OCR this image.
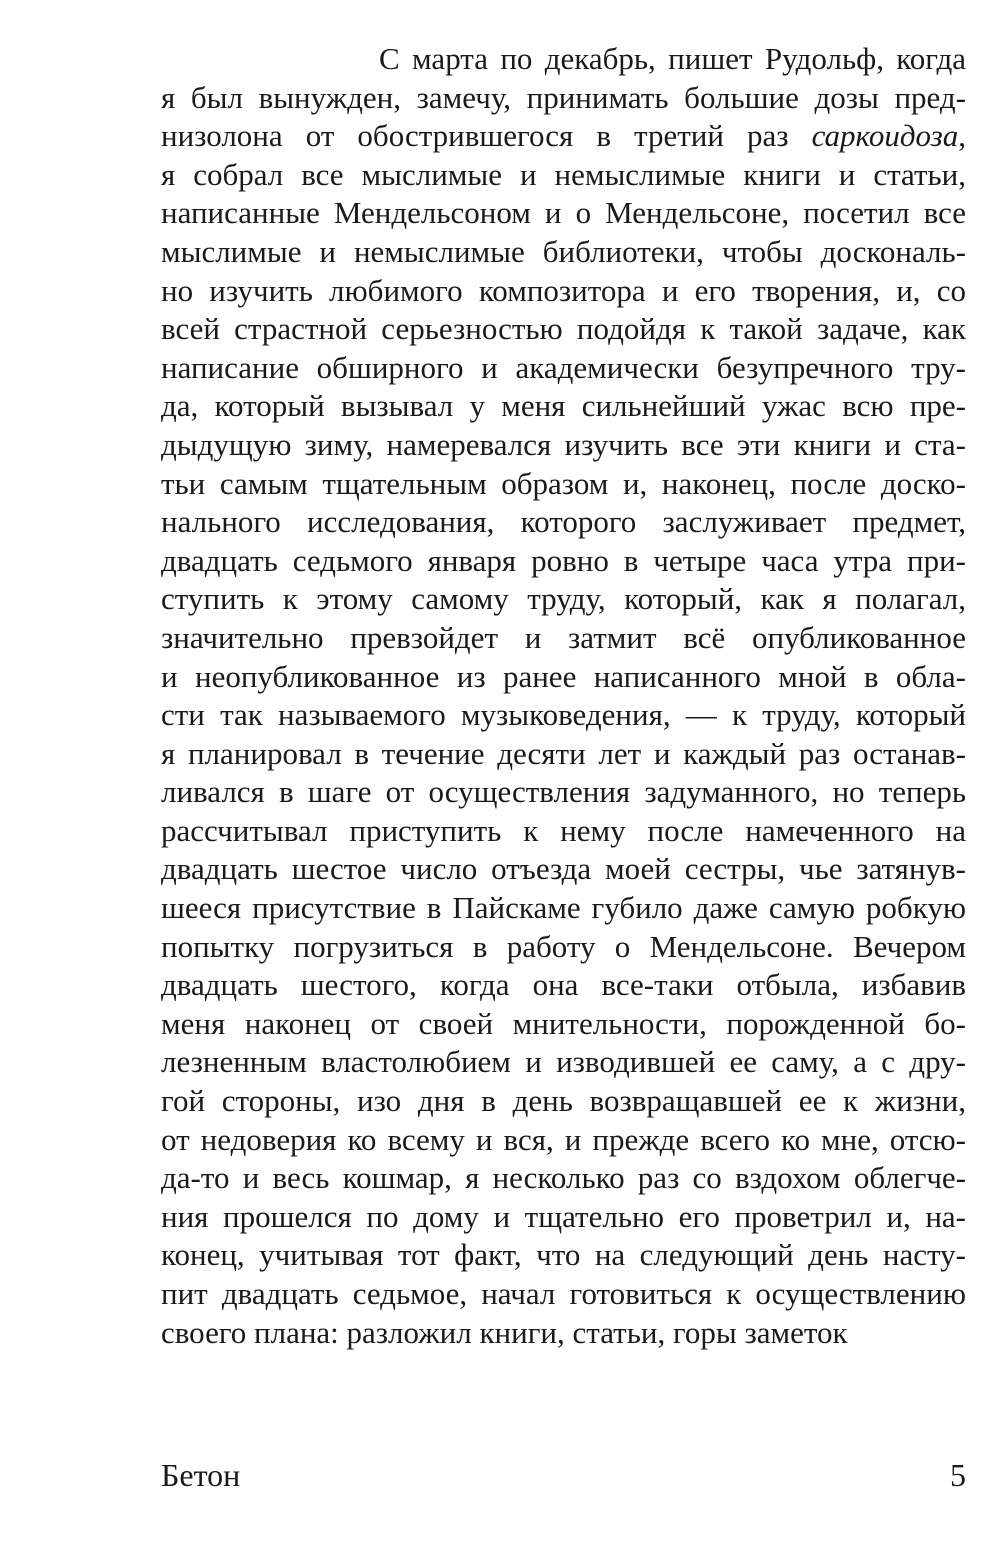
С марта по декабрь, пишет Рудольф, когда
я был вынужден, замечу, принимать большие дозы пред-
низолона от обострившегося в третий раз саркоидоза,
я собрал все мыслимые и немыслимые книги и статьи,
написанные Мендельсоном и о Мендельсоне, посетил все
мыслимые и немыслимые библиотеки, чтобы доскональ-
но изучить любимого композитора и его творения, и, со
всей страстной серьезностью подойдя к такой задаче, как
написание обширного и академически безупречного тру-
да, который вызывал у меня сильнейший ужас всю пре-
дыдущую зиму, намеревался изучить все эти книги и ста-
тьи самым тщательным образом и, наконец, после доско-
нального исследования, которого заслуживает предмет,
двадцать седьмого января ровно в четыре часа утра при-
ступить к этому самому труду, который, как я полагал,
значительно превзойдет и затмит всё опубликованное
и неопубликованное из ранее написанного мной в обла-
сти так называемого музыковедения, — к труду, который
я планировал в течение десяти лет и каждый раз останав-
ливался в шаге от осуществления задуманного, но теперь
рассчитывал приступить к нему после намеченного на
двадцать шестое число отъезда моей сестры, чье затянув-
шееся присутствие в Пайскаме губило даже самую робкую
попытку погрузиться в работу о Мендельсоне. Вечером
двадцать шестого, когда она все-таки отбыла, избавив
меня наконец от своей мнительности, порожденной бо-
лезненным властолюбием и изводившей ее саму, а с дру-
гой стороны, изо дня в день возвращавшей ее к жизни,
от недоверия ко всему и вся, и прежде всего ко мне, отсю-
да-то и весь кошмар, я несколько раз со вздохом облегче-
ния прошелся по дому и тщательно его проветрил и, на-
конец, учитывая тот факт, что на следующий день насту-
пит двадцать седьмое, начал готовиться к осуществлению
своего плана: разложил книги, статьи, горы заметок
Бетон	5
